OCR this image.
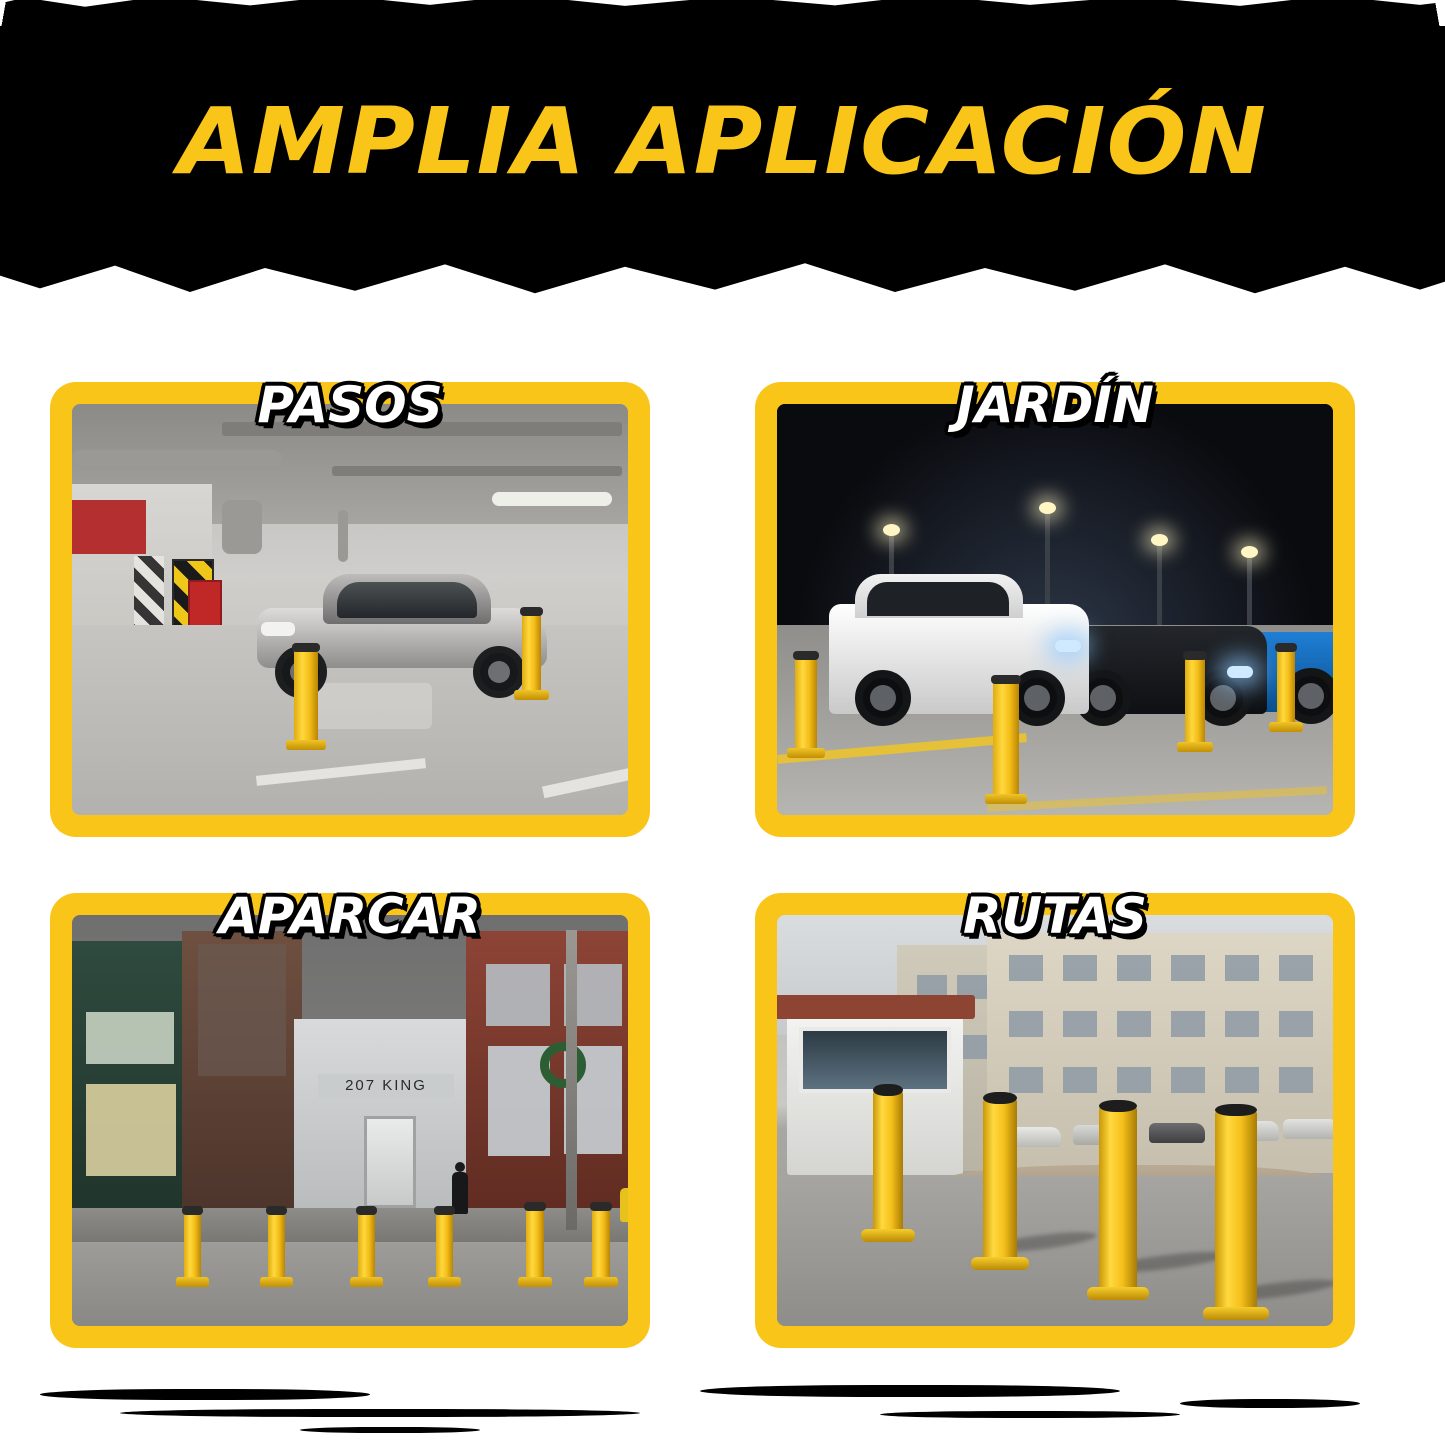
AMPLIA APLICACIÓN
PASOS	JARDÍN
207 KING
APARCAR	RUTAS
